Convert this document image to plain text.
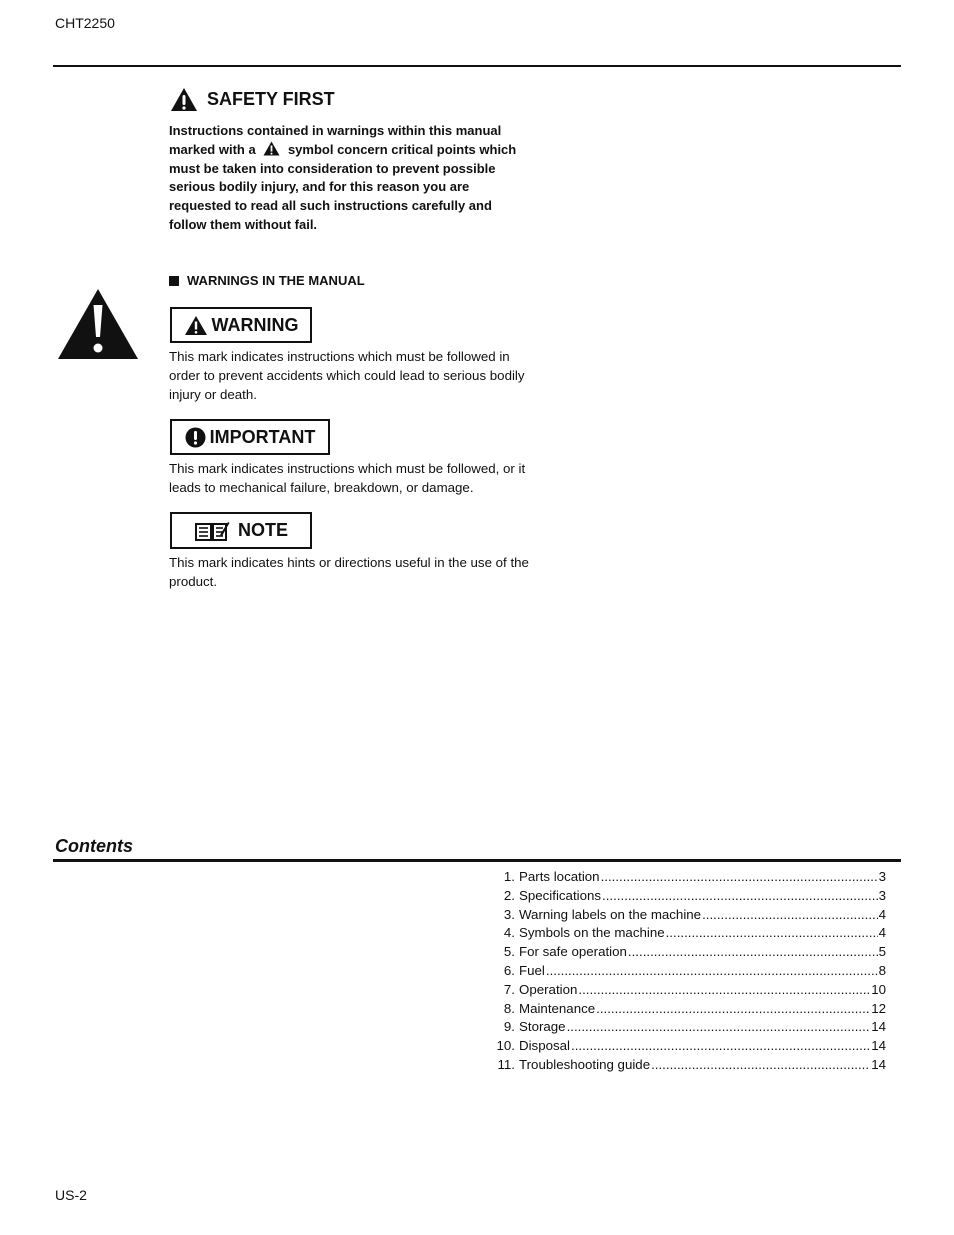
CHT2250
SAFETY FIRST
Instructions contained in warnings within this manual marked with a symbol concern critical points which must be taken into consideration to prevent possible serious bodily injury, and for this reason you are requested to read all such instructions carefully and follow them without fail.
WARNINGS IN THE MANUAL
WARNING
This mark indicates instructions which must be followed in order to prevent accidents which could lead to serious bodily injury or death.
IMPORTANT
This mark indicates instructions which must be followed, or it leads to mechanical failure, breakdown, or damage.
NOTE
This mark indicates hints or directions useful in the use of the product.
Contents
1. Parts location .....	3
2. Specifications .....	3
3. Warning labels on the machine .....	4
4. Symbols on the machine .....	4
5. For safe operation .....	5
6. Fuel .....	8
7. Operation .....	10
8. Maintenance .....	12
9. Storage .....	14
10. Disposal .....	14
11. Troubleshooting guide .....	14
US-2
